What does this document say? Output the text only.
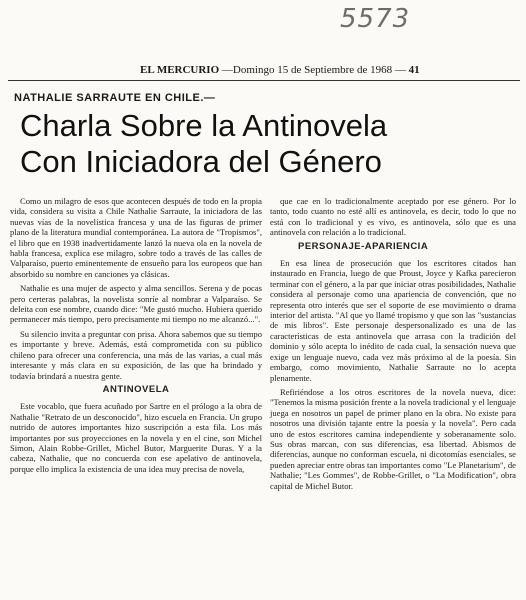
5573
EL MERCURIO —Domingo 15 de Septiembre de 1968 — 41
NATHALIE SARRAUTE EN CHILE.—
Charla Sobre la Antinovela
Con Iniciadora del Género

Como un milagro de esos que acontecen después de todo en la propia vida, considera su visita a Chile Nathalie Sarraute, la iniciadora de las nuevas vías de la novelística francesa y una de las figuras de primer plano de la literatura mundial contemporánea. La autora de "Tropismos", el libro que en 1938 inadvertidamente lanzó la nueva ola en la novela de habla francesa, explica ese milagro, sobre todo a través de las calles de Valparaíso, puerto eminentemente de ensueño para los europeos que han absorbido su nombre en canciones ya clásicas.

Nathalie es una mujer de aspecto y alma sencillos. Serena y de pocas pero certeras palabras, la novelista sonríe al nombrar a Valparaíso. Se deleita con ese nombre, cuando dice: "Me gustó mucho. Hubiera querido permanecer más tiempo, pero precisamente mi tiempo no me alcanzó...".

Su silencio invita a preguntar con prisa. Ahora sabemos que su tiempo es importante y breve. Además, está comprometida con su público chileno para ofrecer una conferencia, una más de las varias, a cual más interesante y más clara en su exposición, de las que ha brindado y todavía brindará a nuestra gente.

ANTINOVELA

Este vocablo, que fuera acuñado por Sartre en el prólogo a la obra de Nathalie "Retrato de un desconocido", hizo escuela en Francia. Un grupo nutrido de autores importantes hizo suscripción a esta fila. Los más importantes por sus proyecciones en la novela y en el cine, son Michel Simon, Alain Robbe-Grillet, Michel Butor, Marguerite Duras. Y a la cabeza, Nathalie, que no concuerda con ese apelativo de antinovela, porque ello implica la existencia de una idea muy precisa de novela,

que cae en lo tradicionalmente aceptado por ese género. Por lo tanto, todo cuanto no esté allí es antinovela, es decir, todo lo que no está con lo tradicional y es vivo, es antinovela, sólo que es una antinovela con relación a lo tradicional.

PERSONAJE-APARIENCIA

En esa línea de prosecución que los escritores citados han instaurado en Francia, luego de que Proust, Joyce y Kafka parecieron terminar con el género, a la par que iniciar otras posibilidades, Nathalie considera al personaje como una apariencia de convención, que no representa otro interés que ser el soporte de ese movimiento o drama interior del artista. "Al que yo llamé tropismo y que son las "sustancias de mis libros". Este personaje despersonalizado es una de las características de esta antinovela que arrasa con la tradición del dominio y sólo acepta lo inédito de cada cual, la sensación nueva que exige un lenguaje nuevo, cada vez más próximo al de la poesía. Sin embargo, como movimiento, Nathalie Sarraute no lo acepta plenamente.

Refiriéndose a los otros escritores de la novela nueva, dice: "Tenemos la misma posición frente a la novela tradicional y el lenguaje juega en nosotros un papel de primer plano en la obra. No existe para nosotros una división tajante entre la poesía y la novela". Pero cada uno de estos escritores camina independiente y soberanamente solo. Sus obras marcan, con sus diferencias, esa libertad. Abismos de diferencias, aunque no conforman escuela, ni dicotomías esenciales, se pueden apreciar entre obras tan importantes como "Le Planetarium", de Nathalie; "Les Gommes", de Robbe-Grillet, o "La Modification", obra capital de Michel Butor.
